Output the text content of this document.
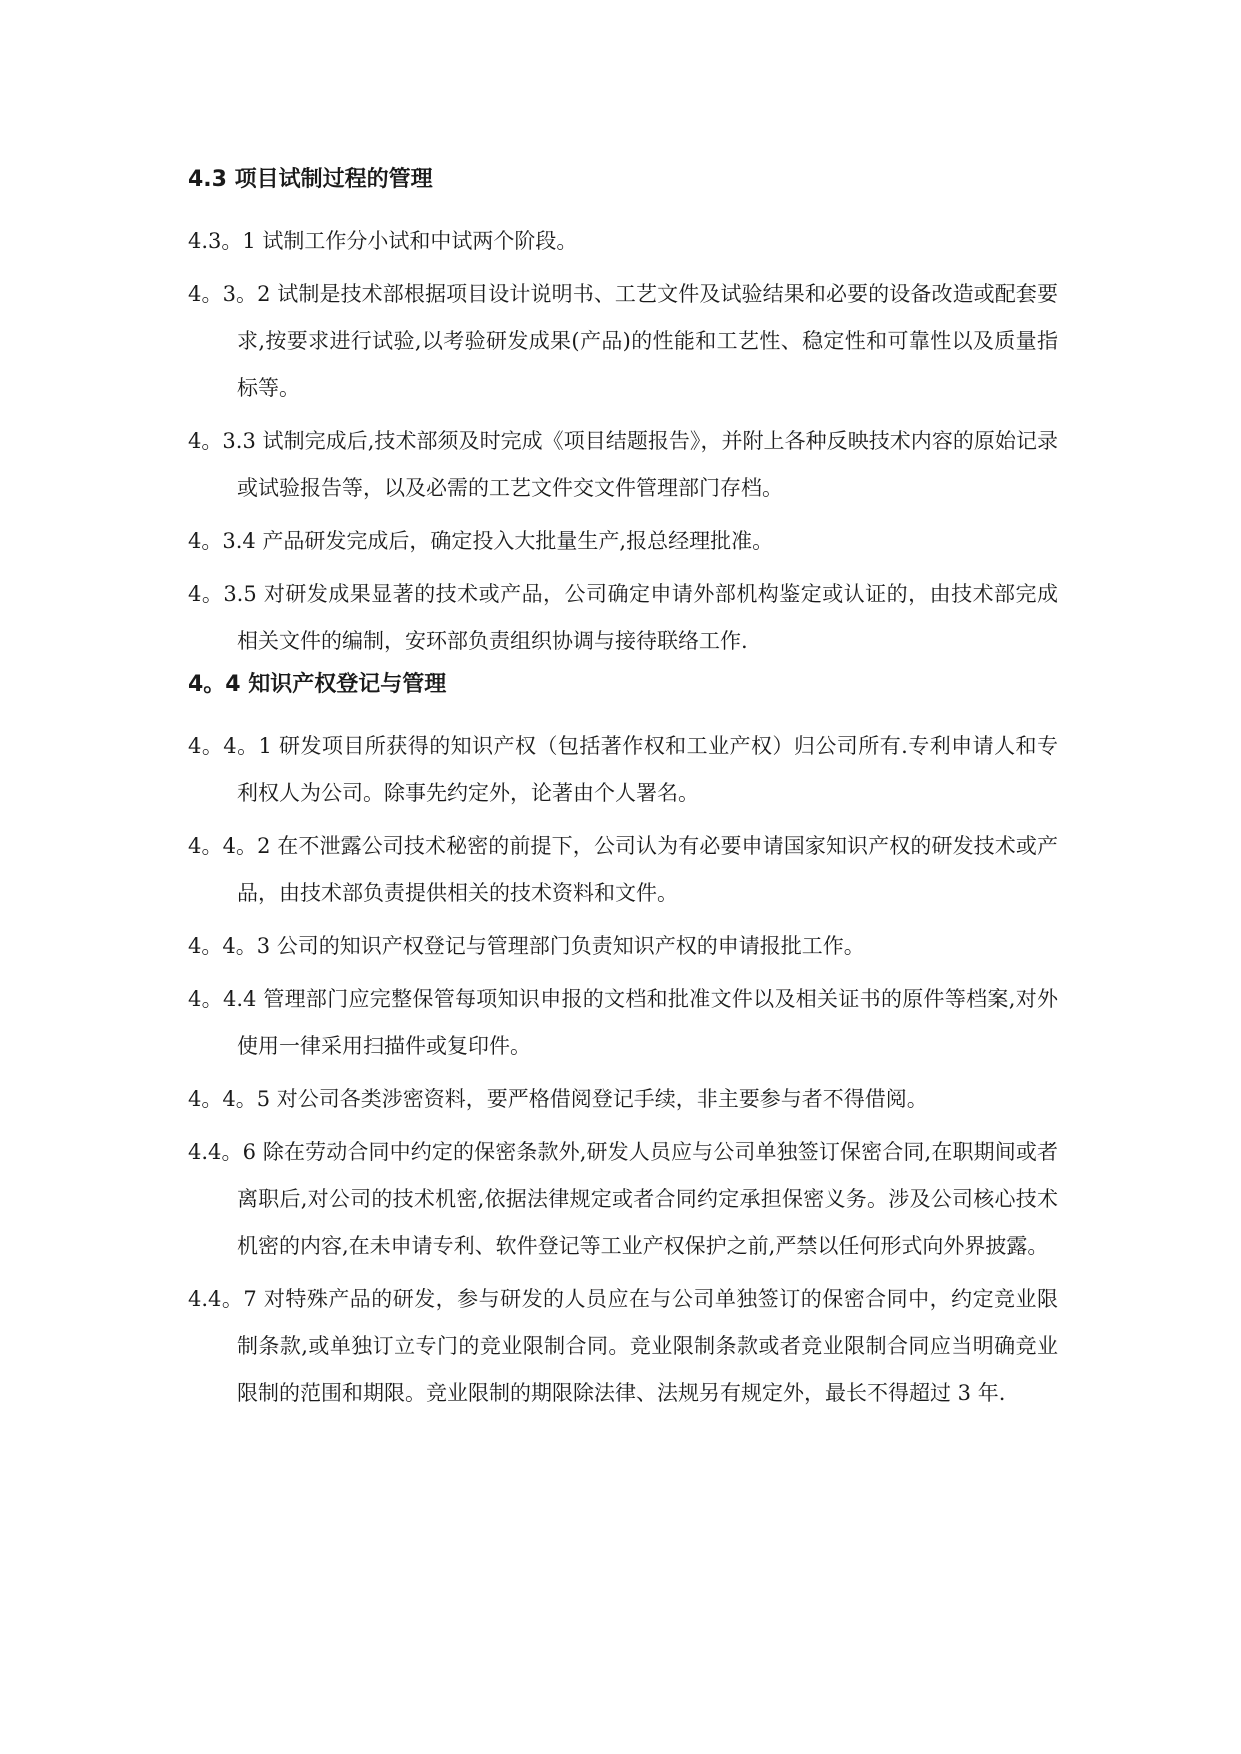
4.3 项目试制过程的管理
4.3。1 试制工作分小试和中试两个阶段。
4。3。2 试制是技术部根据项目设计说明书、工艺文件及试验结果和必要的设备改造或配套要求,按要求进行试验,以考验研发成果(产品)的性能和工艺性、稳定性和可靠性以及质量指标等。
4。3.3 试制完成后,技术部须及时完成《项目结题报告》，并附上各种反映技术内容的原始记录或试验报告等，以及必需的工艺文件交文件管理部门存档。
4。3.4 产品研发完成后，确定投入大批量生产,报总经理批准。
4。3.5 对研发成果显著的技术或产品，公司确定申请外部机构鉴定或认证的，由技术部完成相关文件的编制，安环部负责组织协调与接待联络工作.
4。4 知识产权登记与管理
4。4。1 研发项目所获得的知识产权（包括著作权和工业产权）归公司所有.专利申请人和专利权人为公司。除事先约定外，论著由个人署名。
4。4。2 在不泄露公司技术秘密的前提下，公司认为有必要申请国家知识产权的研发技术或产品，由技术部负责提供相关的技术资料和文件。
4。4。3 公司的知识产权登记与管理部门负责知识产权的申请报批工作。
4。4.4 管理部门应完整保管每项知识申报的文档和批准文件以及相关证书的原件等档案,对外使用一律采用扫描件或复印件。
4。4。5 对公司各类涉密资料，要严格借阅登记手续，非主要参与者不得借阅。
4.4。6 除在劳动合同中约定的保密条款外,研发人员应与公司单独签订保密合同,在职期间或者离职后,对公司的技术机密,依据法律规定或者合同约定承担保密义务。涉及公司核心技术机密的内容,在未申请专利、软件登记等工业产权保护之前,严禁以任何形式向外界披露。
4.4。7 对特殊产品的研发，参与研发的人员应在与公司单独签订的保密合同中，约定竞业限制条款,或单独订立专门的竞业限制合同。竞业限制条款或者竞业限制合同应当明确竞业限制的范围和期限。竞业限制的期限除法律、法规另有规定外，最长不得超过 3 年.
